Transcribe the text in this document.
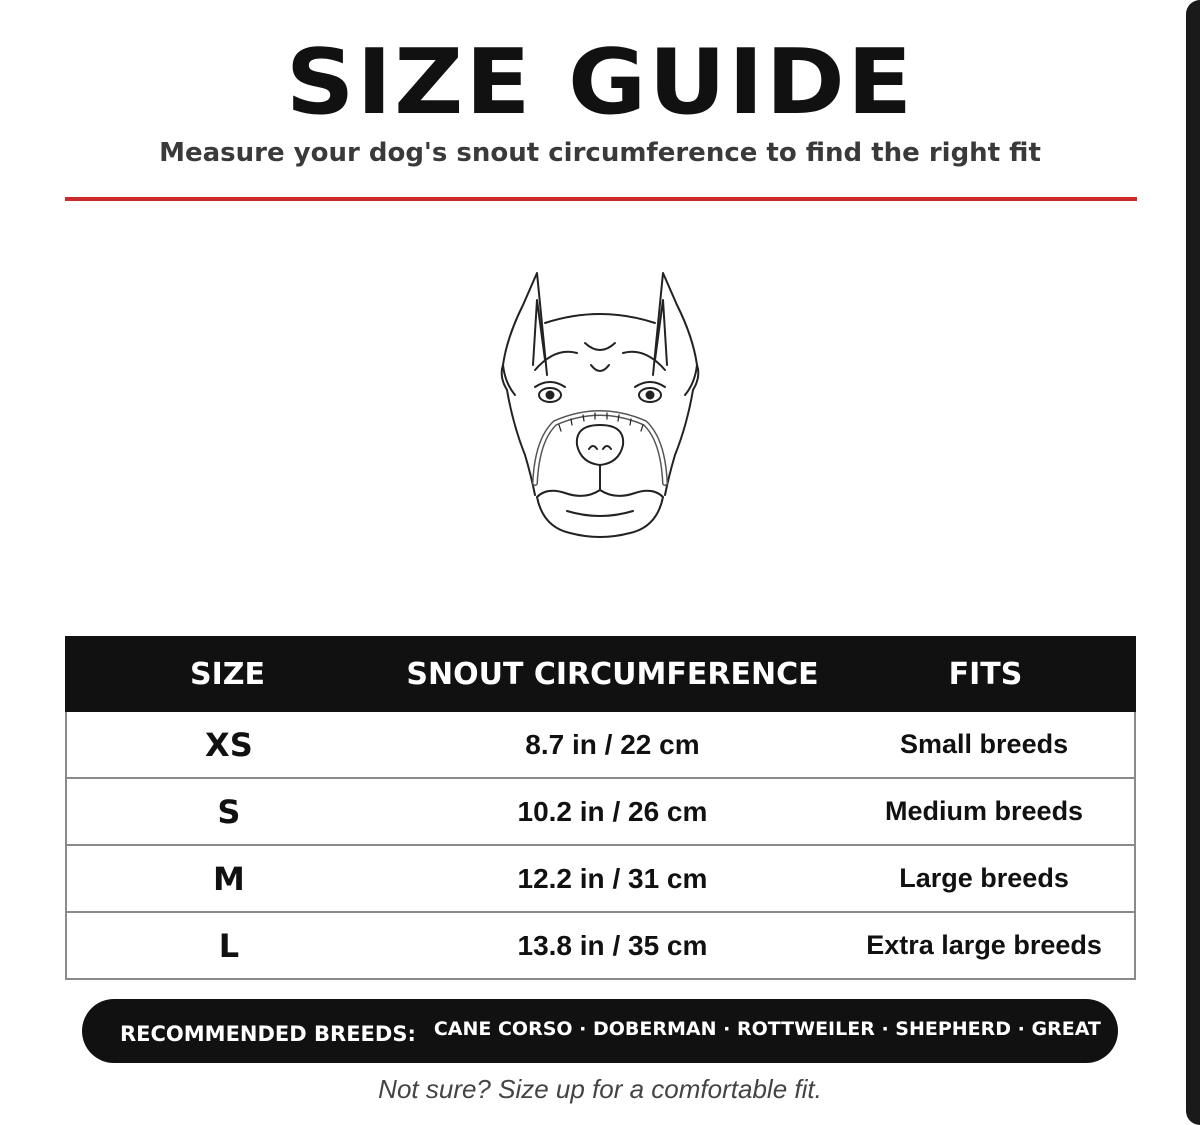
SIZE GUIDE
Measure your dog's snout circumference to find the right fit
SIZE	SNOUT CIRCUMFERENCE	FITS
XS	8.7 in / 22 cm	Small breeds
S	10.2 in / 26 cm	Medium breeds
M	12.2 in / 31 cm	Large breeds
L	13.8 in / 35 cm	Extra large breeds
RECOMMENDED BREEDS: CANE CORSO · DOBERMAN · ROTTWEILER · SHEPHERD · GREAT
Not sure? Size up for a comfortable fit.
